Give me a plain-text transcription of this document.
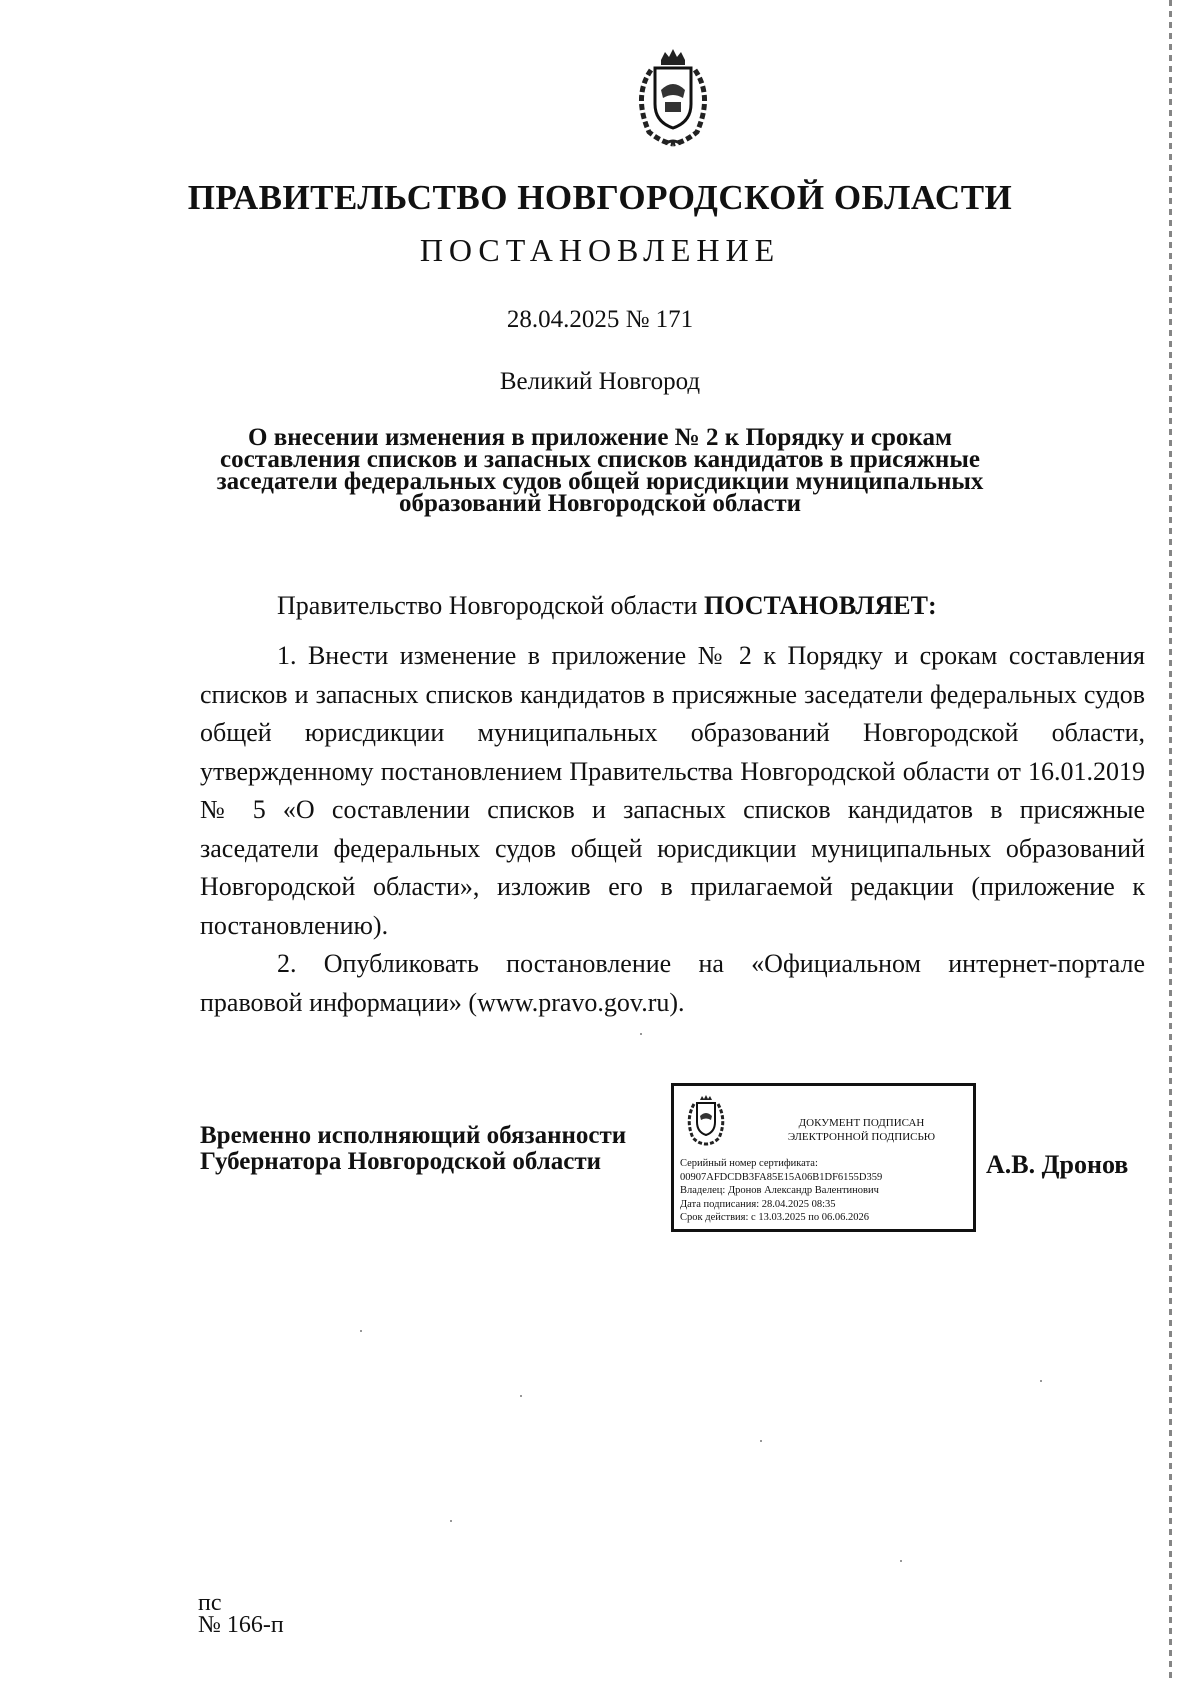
ПРАВИТЕЛЬСТВО НОВГОРОДСКОЙ ОБЛАСТИ
ПОСТАНОВЛЕНИЕ
28.04.2025 № 171
Великий Новгород
О внесении изменения в приложение № 2 к Порядку и срокам
составления списков и запасных списков кандидатов в присяжные
заседатели федеральных судов общей юрисдикции муниципальных
образований Новгородской области
Правительство Новгородской области ПОСТАНОВЛЯЕТ:

1. Внести изменение в приложение № 2 к Порядку и срокам составления списков и запасных списков кандидатов в присяжные заседатели федеральных судов общей юрисдикции муниципальных образований Новгородской области, утвержденному постановлением Правительства Новгородской области от 16.01.2019 № 5 «О составлении списков и запасных списков кандидатов в присяжные заседатели федеральных судов общей юрисдикции муниципальных образований Новгородской области», изложив его в прилагаемой редакции (приложение к постановлению).

2. Опубликовать постановление на «Официальном интернет-портале правовой информации» (www.pravo.gov.ru).

Временно исполняющий обязанности
Губернатора Новгородской области
ДОКУМЕНТ ПОДПИСАН
ЭЛЕКТРОННОЙ ПОДПИСЬЮ
Серийный номер сертификата:
00907AFDCDB3FA85E15A06B1DF6155D359
Владелец: Дронов Александр Валентинович
Дата подписания: 28.04.2025 08:35
Срок действия: с 13.03.2025 по 06.06.2026
А.В. Дронов
пс
№ 166-п
